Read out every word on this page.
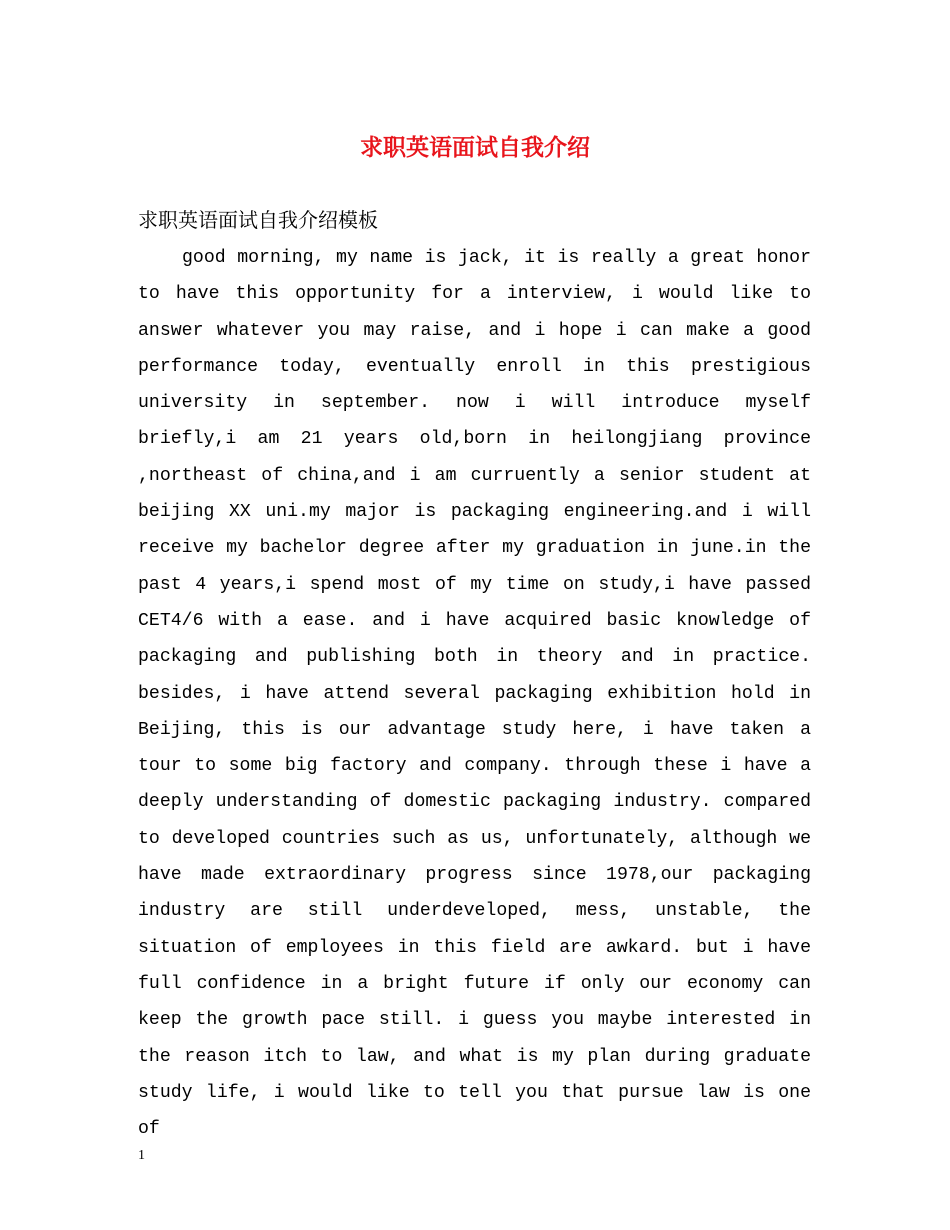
求职英语面试自我介绍

求职英语面试自我介绍模板

good morning, my name is jack, it is really a great honor to have this opportunity for a interview, i would like to answer whatever you may raise, and i hope i can make a good performance today, eventually enroll in this prestigious university in september. now i will introduce myself briefly,i am 21 years old,born in heilongjiang province ,northeast of china,and i am curruently a senior student at beijing XX uni.my major is packaging engineering.and i will receive my bachelor degree after my graduation in june.in the past 4 years,i spend most of my time on study,i have passed CET4/6 with a ease. and i have acquired basic knowledge of packaging and publishing both in theory and in practice. besides, i have attend several packaging exhibition hold in Beijing, this is our advantage study here, i have taken a tour to some big factory and company. through these i have a deeply understanding of domestic packaging industry. compared to developed countries such as us, unfortunately, although we have made extraordinary progress since 1978,our packaging industry are still underdeveloped, mess, unstable, the situation of employees in this field are awkard. but i have full confidence in a bright future if only our economy can keep the growth pace still. i guess you maybe interested in the reason itch to law, and what is my plan during graduate study life, i would like to tell you that pursue law is one of

1
